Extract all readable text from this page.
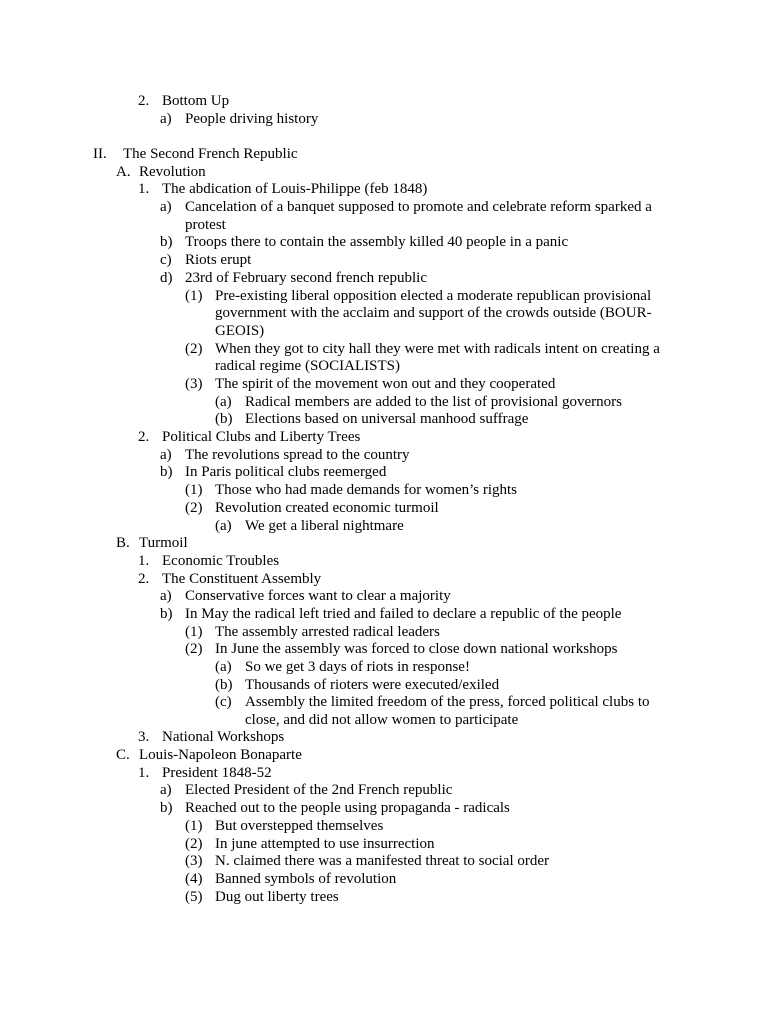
2. Bottom Up
a) People driving history
II. The Second French Republic
A. Revolution
1. The abdication of Louis-Philippe (feb 1848)
a) Cancelation of a banquet supposed to promote and celebrate reform sparked a
protest
b) Troops there to contain the assembly killed 40 people in a panic
c) Riots erupt
d) 23rd of February second french republic
(1) Pre-existing liberal opposition elected a moderate republican provisional
government with the acclaim and support of the crowds outside (BOUR-
GEOIS)
(2) When they got to city hall they were met with radicals intent on creating a
radical regime (SOCIALISTS)
(3) The spirit of the movement won out and they cooperated
(a) Radical members are added to the list of provisional governors
(b) Elections based on universal manhood suffrage
2. Political Clubs and Liberty Trees
a) The revolutions spread to the country
b) In Paris political clubs reemerged
(1) Those who had made demands for women’s rights
(2) Revolution created economic turmoil
(a) We get a liberal nightmare
B. Turmoil
1. Economic Troubles
2. The Constituent Assembly
a) Conservative forces want to clear a majority
b) In May the radical left tried and failed to declare a republic of the people
(1) The assembly arrested radical leaders
(2) In June the assembly was forced to close down national workshops
(a) So we get 3 days of riots in response!
(b) Thousands of rioters were executed/exiled
(c) Assembly the limited freedom of the press, forced political clubs to
close, and did not allow women to participate
3. National Workshops
C. Louis-Napoleon Bonaparte
1. President 1848-52
a) Elected President of the 2nd French republic
b) Reached out to the people using propaganda - radicals
(1) But overstepped themselves
(2) In june attempted to use insurrection
(3) N. claimed there was a manifested threat to social order
(4) Banned symbols of revolution
(5) Dug out liberty trees
